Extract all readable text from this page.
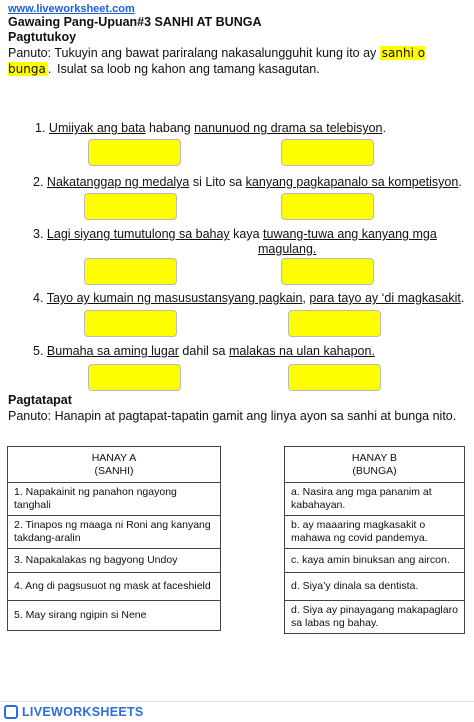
www.liveworksheet.com
Gawaing Pang-Upuan#3 SANHI AT BUNGA
Pagtutukoy
Panuto: Tukuyin ang bawat pariralang nakasalungguhit kung ito ay sanhi o bunga . Isulat sa loob ng kahon ang tamang kasagutan.
1. Umiiyak ang bata habang nanunuod ng drama sa telebisyon.
2. Nakatanggap ng medalya si Lito sa kanyang pagkapanalo sa kompetisyon.
3. Lagi siyang tumutulong sa bahay kaya tuwang-tuwa ang kanyang mga
magulang.
4. Tayo ay kumain ng masusustansyang pagkain, para tayo ay ‘di magkasakit.
5. Bumaha sa aming lugar dahil sa malakas na ulan kahapon.
Pagtatapat
Panuto: Hanapin at pagtapat-tapatin gamit ang linya ayon sa sanhi at bunga nito.
HANAY A
(SANHI)

1. Napakainit ng panahon ngayong tanghali
2. Tinapos ng maaga ni Roni ang kanyang takdang-aralin
3. Napakalakas ng bagyong Undoy
4. Ang di pagsusuot ng mask at faceshield
5. May sirang ngipin si Nene
HANAY B
(BUNGA)

a. Nasira ang mga pananim at kabahayan.
b. ay maaaring magkasakit o mahawa ng covid pandemya.
c. kaya amin binuksan ang aircon.
d. Siya’y dinala sa dentista.
d. Siya ay pinayagang makapaglaro sa labas ng bahay.
LIVEWORKSHEETS
